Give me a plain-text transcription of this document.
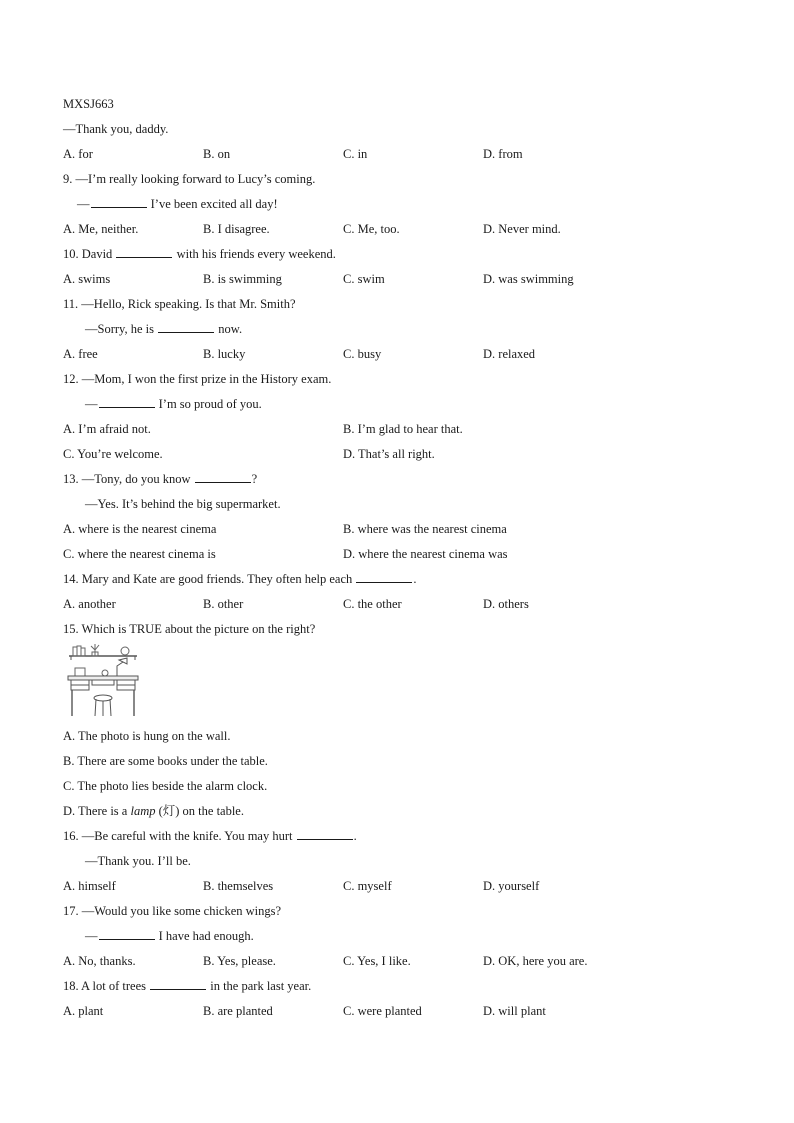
MXSJ663
—Thank you, daddy.
A. for	B. on	C. in	D. from
9. —I’m really looking forward to Lucy’s coming.
—	I’ve been excited all day!
A. Me, neither.	B. I disagree.	C. Me, too.	D. Never mind.
10. David	with his friends every weekend.
A. swims	B. is swimming	C. swim	D. was swimming
11. —Hello, Rick speaking. Is that Mr. Smith?
—Sorry, he is	now.
A. free	B. lucky	C. busy	D. relaxed
12. —Mom, I won the first prize in the History exam.
—	I’m so proud of you.
A. I’m afraid not.	B. I’m glad to hear that.
C. You’re welcome.	D. That’s all right.
13. —Tony, do you know	?
—Yes. It’s behind the big supermarket.
A. where is the nearest cinema	B. where was the nearest cinema
C. where the nearest cinema is	D. where the nearest cinema was
14. Mary and Kate are good friends. They often help each	.
A. another	B. other	C. the other	D. others
15. Which is TRUE about the picture on the right?
A. The photo is hung on the wall.
B. There are some books under the table.
C. The photo lies beside the alarm clock.
D. There is a lamp (灯) on the table.
16. —Be careful with the knife. You may hurt	.
—Thank you. I’ll be.
A. himself	B. themselves	C. myself	D. yourself
17. —Would you like some chicken wings?
—	I have had enough.
A. No, thanks.	B. Yes, please.	C. Yes, I like.	D. OK, here you are.
18. A lot of trees	in the park last year.
A. plant	B. are planted	C. were planted	D. will plant
